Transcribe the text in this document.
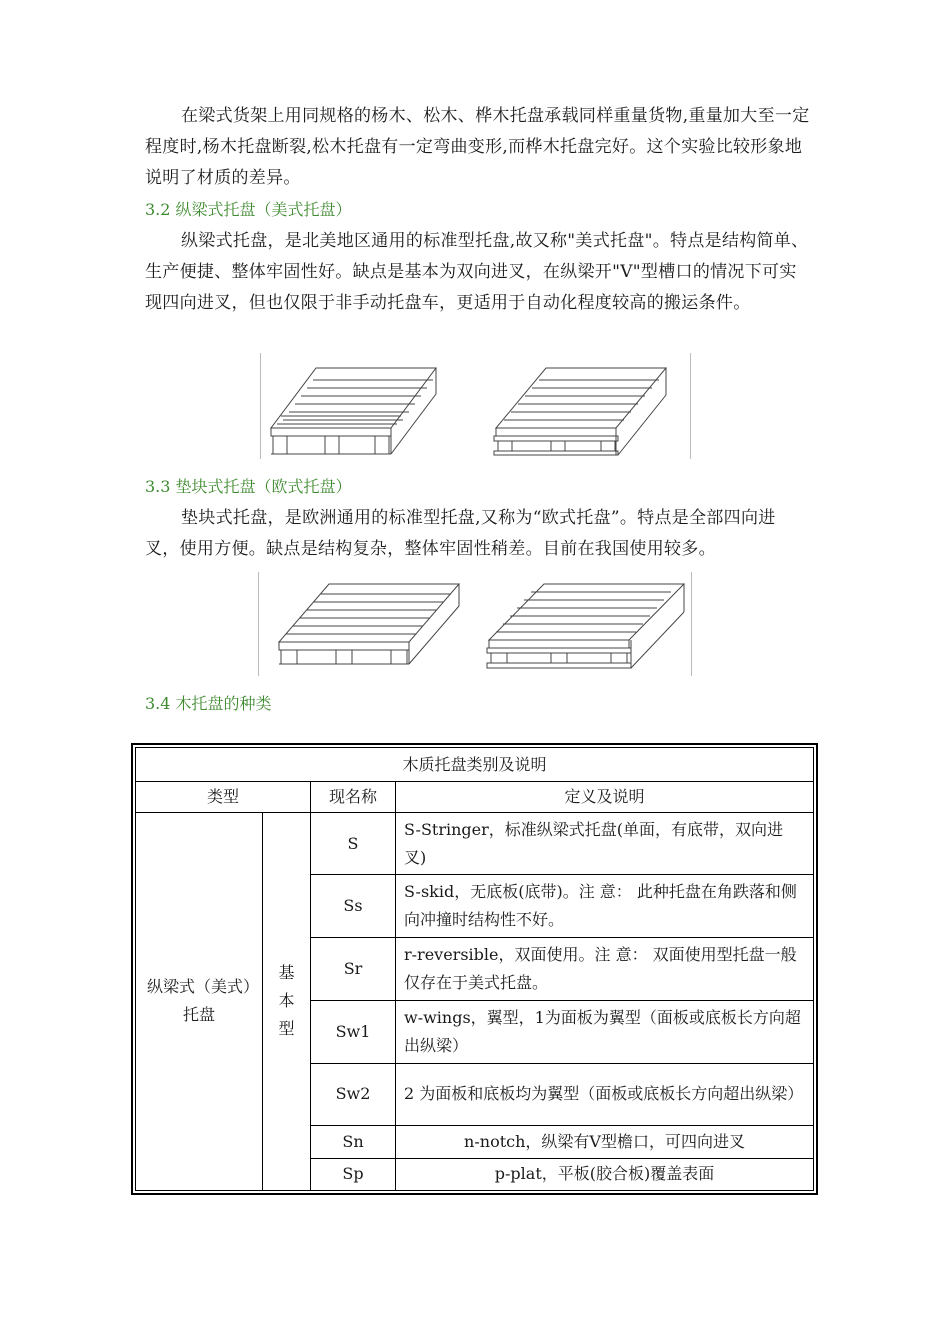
在梁式货架上用同规格的杨木、松木、桦木托盘承载同样重量货物,重量加大至一定程度时,杨木托盘断裂,松木托盘有一定弯曲变形,而桦木托盘完好。这个实验比较形象地说明了材质的差异。

3.2 纵梁式托盘（美式托盘）

纵梁式托盘，是北美地区通用的标准型托盘,故又称"美式托盘"。特点是结构简单、生产便捷、整体牢固性好。缺点是基本为双向进叉，在纵梁开"V"型槽口的情况下可实现四向进叉，但也仅限于非手动托盘车，更适用于自动化程度较高的搬运条件。

3.3 垫块式托盘（欧式托盘）

垫块式托盘，是欧洲通用的标准型托盘,又称为“欧式托盘”。特点是全部四向进叉，使用方便。缺点是结构复杂，整体牢固性稍差。目前在我国使用较多。

3.4 木托盘的种类

木质托盘类别及说明			
类型		现名称	定义及说明
纵梁式（美式）托盘	基本型	S	S-Stringer，标准纵梁式托盘(单面，有底带，双向进叉)
		Ss	S-skid，无底板(底带)。注 意： 此种托盘在角跌落和侧向冲撞时结构性不好。
		Sr	r-reversible，双面使用。注 意： 双面使用型托盘一般仅存在于美式托盘。
		Sw1	w-wings，翼型，1为面板为翼型（面板或底板长方向超出纵梁）
		Sw2	2 为面板和底板均为翼型（面板或底板长方向超出纵梁）
		Sn	n-notch，纵梁有V型檐口，可四向进叉
		Sp	p-plat，平板(胶合板)覆盖表面
